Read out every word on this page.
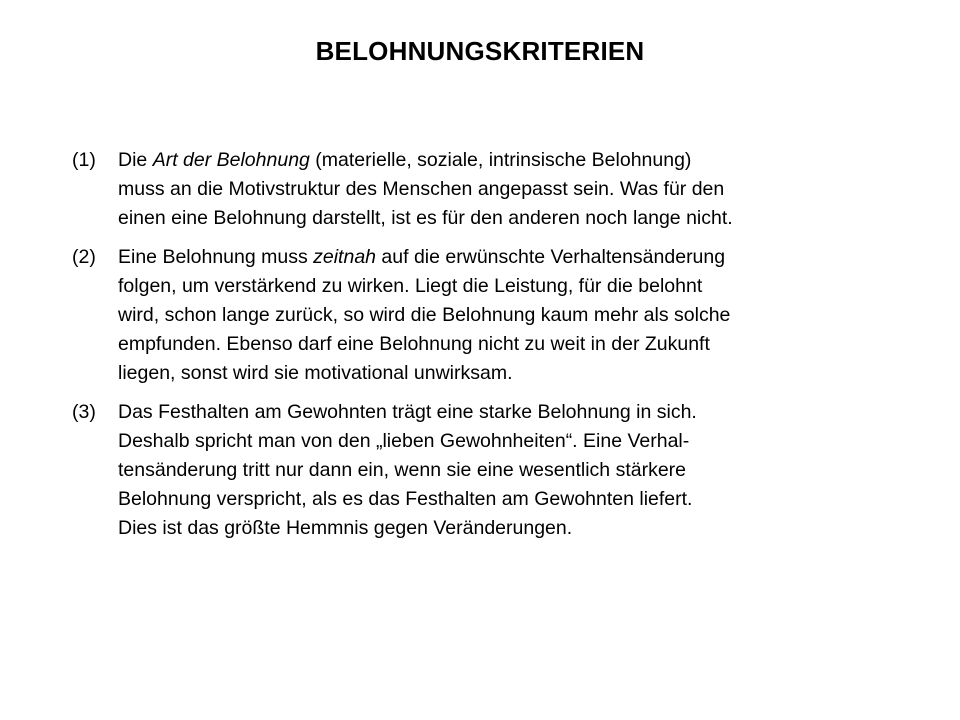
BELOHNUNGSKRITERIEN
(1)	Die Art der Belohnung (materielle, soziale, intrinsische Belohnung)

muss an die Motivstruktur des Menschen angepasst sein. Was für den

einen eine Belohnung darstellt, ist es für den anderen noch lange nicht.

(2)	Eine Belohnung muss zeitnah auf die erwünschte Verhaltensänderung

folgen, um verstärkend zu wirken. Liegt die Leistung, für die belohnt

wird, schon lange zurück, so wird die Belohnung kaum mehr als solche

empfunden. Ebenso darf eine Belohnung nicht zu weit in der Zukunft

liegen, sonst wird sie motivational unwirksam.

(3)	Das Festhalten am Gewohnten trägt eine starke Belohnung in sich.

Deshalb spricht man von den „lieben Gewohnheiten“. Eine Verhal-

tensänderung tritt nur dann ein, wenn sie eine wesentlich stärkere

Belohnung verspricht, als es das Festhalten am Gewohnten liefert.

Dies ist das größte Hemmnis gegen Veränderungen.
